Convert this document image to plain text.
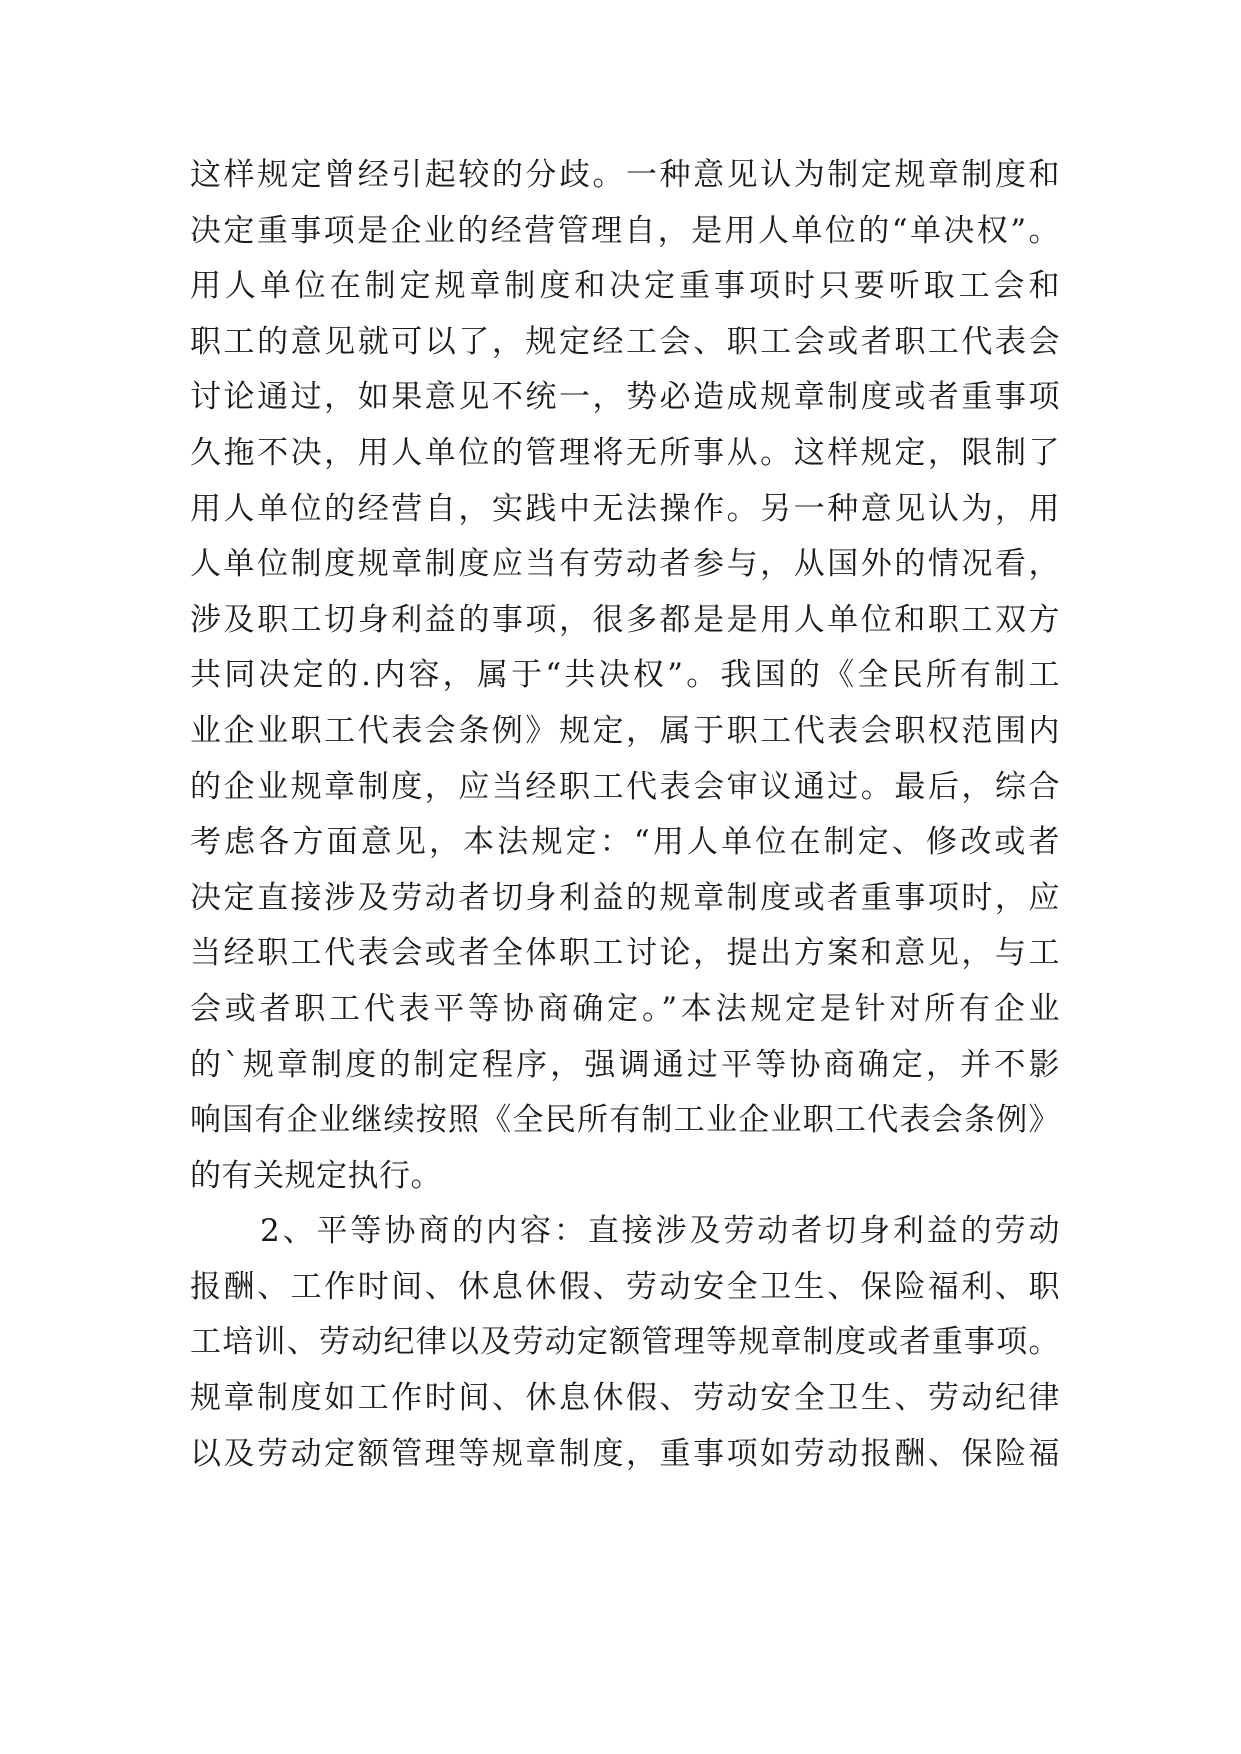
这样规定曾经引起较的分歧。一种意见认为制定规章制度和
决定重事项是企业的经营管理自，是用人单位的“单决权”。
用人单位在制定规章制度和决定重事项时只要听取工会和
职工的意见就可以了，规定经工会、职工会或者职工代表会
讨论通过，如果意见不统一，势必造成规章制度或者重事项
久拖不决，用人单位的管理将无所事从。这样规定，限制了
用人单位的经营自，实践中无法操作。另一种意见认为，用
人单位制度规章制度应当有劳动者参与，从国外的情况看，
涉及职工切身利益的事项，很多都是是用人单位和职工双方
共同决定的.内容，属于“共决权”。我国的《全民所有制工
业企业职工代表会条例》规定，属于职工代表会职权范围内
的企业规章制度，应当经职工代表会审议通过。最后，综合
考虑各方面意见，本法规定：“用人单位在制定、修改或者
决定直接涉及劳动者切身利益的规章制度或者重事项时，应
当经职工代表会或者全体职工讨论，提出方案和意见，与工
会或者职工代表平等协商确定。”本法规定是针对所有企业
的`规章制度的制定程序，强调通过平等协商确定，并不影
响国有企业继续按照《全民所有制工业企业职工代表会条例》
的有关规定执行。
2、平等协商的内容：直接涉及劳动者切身利益的劳动
报酬、工作时间、休息休假、劳动安全卫生、保险福利、职
工培训、劳动纪律以及劳动定额管理等规章制度或者重事项。
规章制度如工作时间、休息休假、劳动安全卫生、劳动纪律
以及劳动定额管理等规章制度，重事项如劳动报酬、保险福
